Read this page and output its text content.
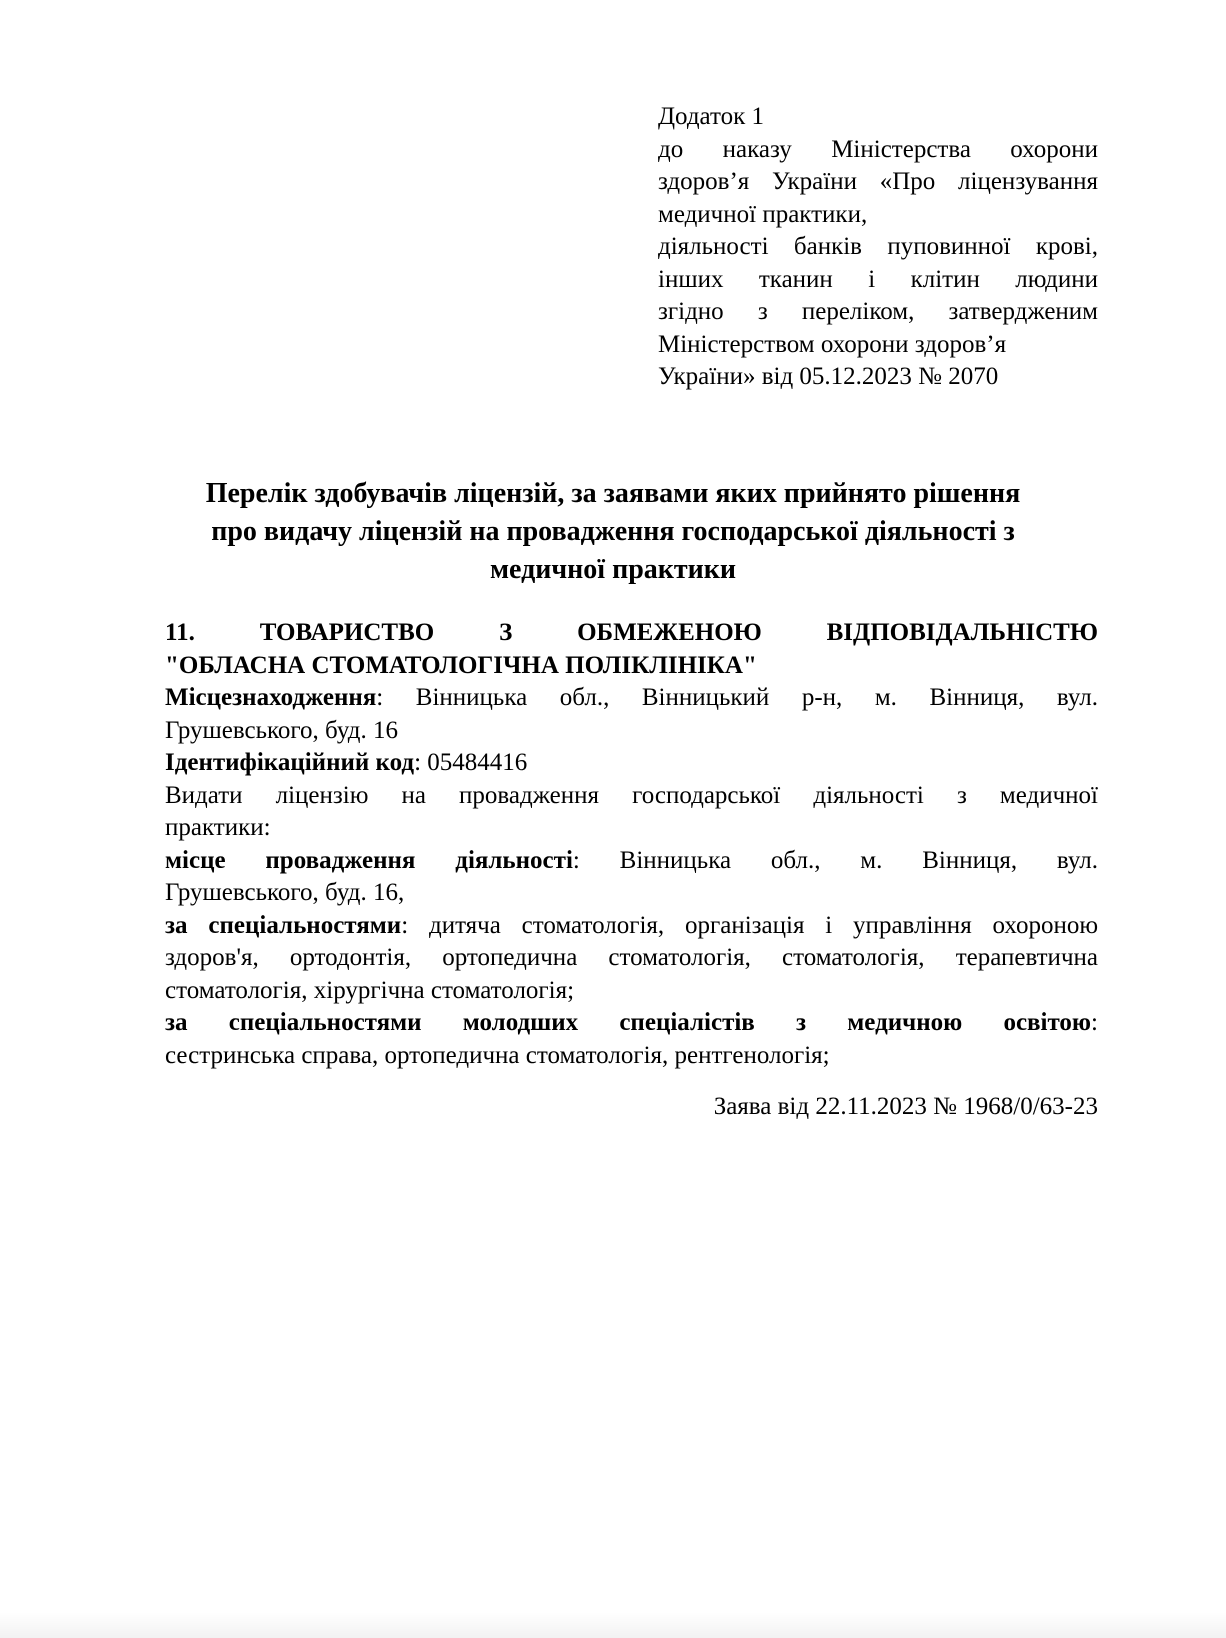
Додаток 1
до наказу Міністерства охорони
здоров’я України «Про ліцензування
медичної практики,
діяльності банків пуповинної крові,
інших тканин і клітин людини
згідно з переліком, затвердженим
Міністерством охорони здоров’я
України» від 05.12.2023 № 2070
Перелік здобувачів ліцензій, за заявами яких прийнято рішення
про видачу ліцензій на провадження господарської діяльності з
медичної практики
11. ТОВАРИСТВО З ОБМЕЖЕНОЮ ВІДПОВІДАЛЬНІСТЮ
"ОБЛАСНА СТОМАТОЛОГІЧНА ПОЛІКЛІНІКА"
Місцезнаходження: Вінницька обл., Вінницький р-н, м. Вінниця, вул.
Грушевського, буд. 16
Ідентифікаційний код: 05484416
Видати ліцензію на провадження господарської діяльності з медичної
практики:
місце провадження діяльності: Вінницька обл., м. Вінниця, вул.
Грушевського, буд. 16,
за спеціальностями: дитяча стоматологія, організація і управління охороною
здоров'я, ортодонтія, ортопедична стоматологія, стоматологія, терапевтична
стоматологія, хірургічна стоматологія;
за спеціальностями молодших спеціалістів з медичною освітою:
сестринська справа, ортопедична стоматологія, рентгенологія;
Заява від 22.11.2023 № 1968/0/63-23
